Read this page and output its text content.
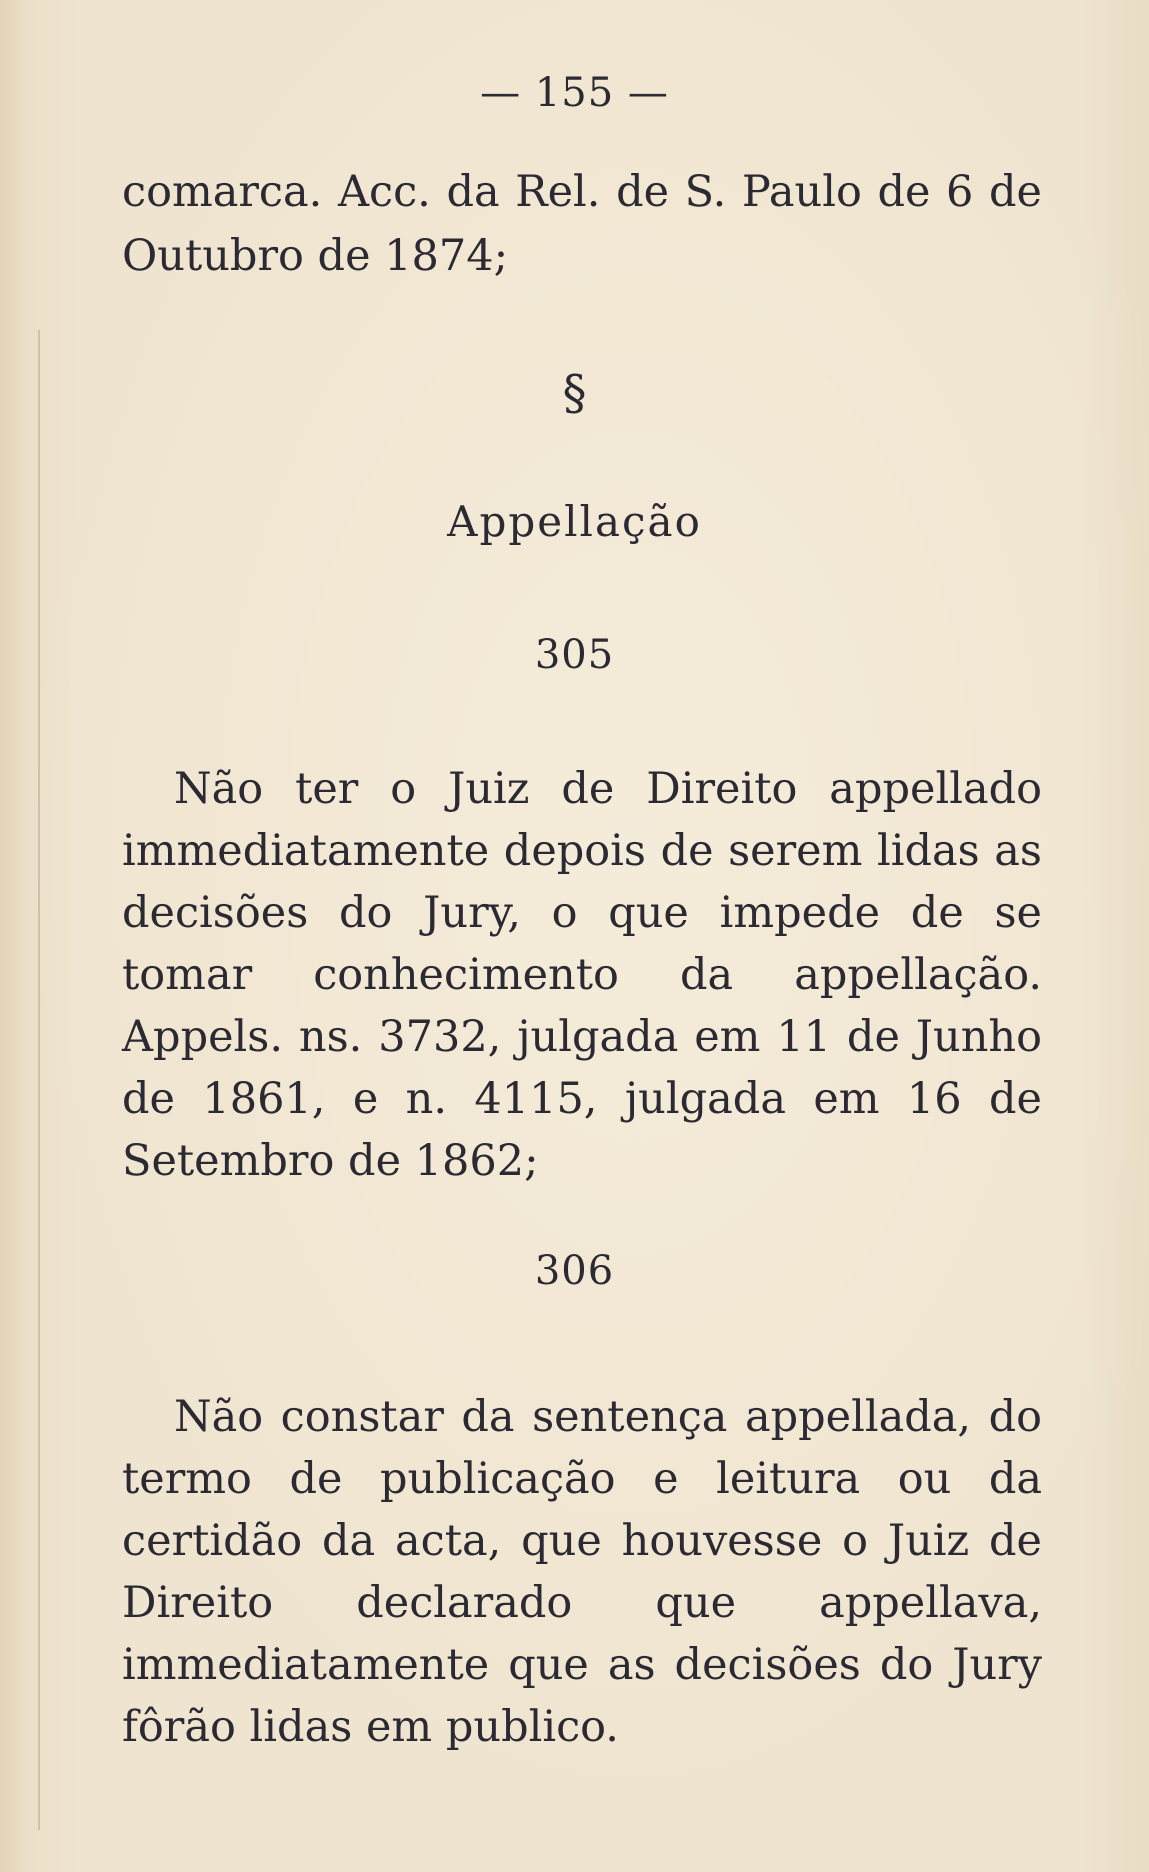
— 155 —

comarca. Acc. da Rel. de S. Paulo de 6 de Outubro de 1874;

§
Appellação
305

Não ter o Juiz de Direito appellado immediatamente depois de serem lidas as decisões do Jury, o que impede de se tomar conhecimento da appellação. Appels. ns. 3732, julgada em 11 de Junho de 1861, e n. 4115, julgada em 16 de Setembro de 1862;

306

Não constar da sentença appellada, do termo de publicação e leitura ou da certidão da acta, que houvesse o Juiz de Direito declarado que appellava, immediatamente que as decisões do Jury fôrão lidas em publico.
